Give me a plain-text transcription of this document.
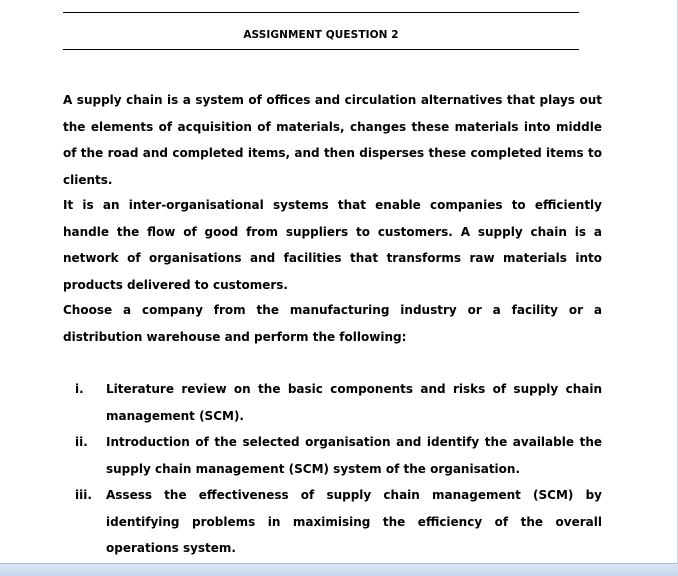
ASSIGNMENT QUESTION 2

A supply chain is a system of offices and circulation alternatives that plays out the elements of acquisition of materials, changes these materials into middle of the road and completed items, and then disperses these completed items to clients.

It is an inter-organisational systems that enable companies to efficiently handle the flow of good from suppliers to customers. A supply chain is a network of organisations and facilities that transforms raw materials into products delivered to customers.

Choose a company from the manufacturing industry or a facility or a distribution warehouse and perform the following:

i.	Literature review on the basic components and risks of supply chain management (SCM).
ii.	Introduction of the selected organisation and identify the available the supply chain management (SCM) system of the organisation.
iii.	Assess the effectiveness of supply chain management (SCM) by identifying problems in maximising the efficiency of the overall operations system.
